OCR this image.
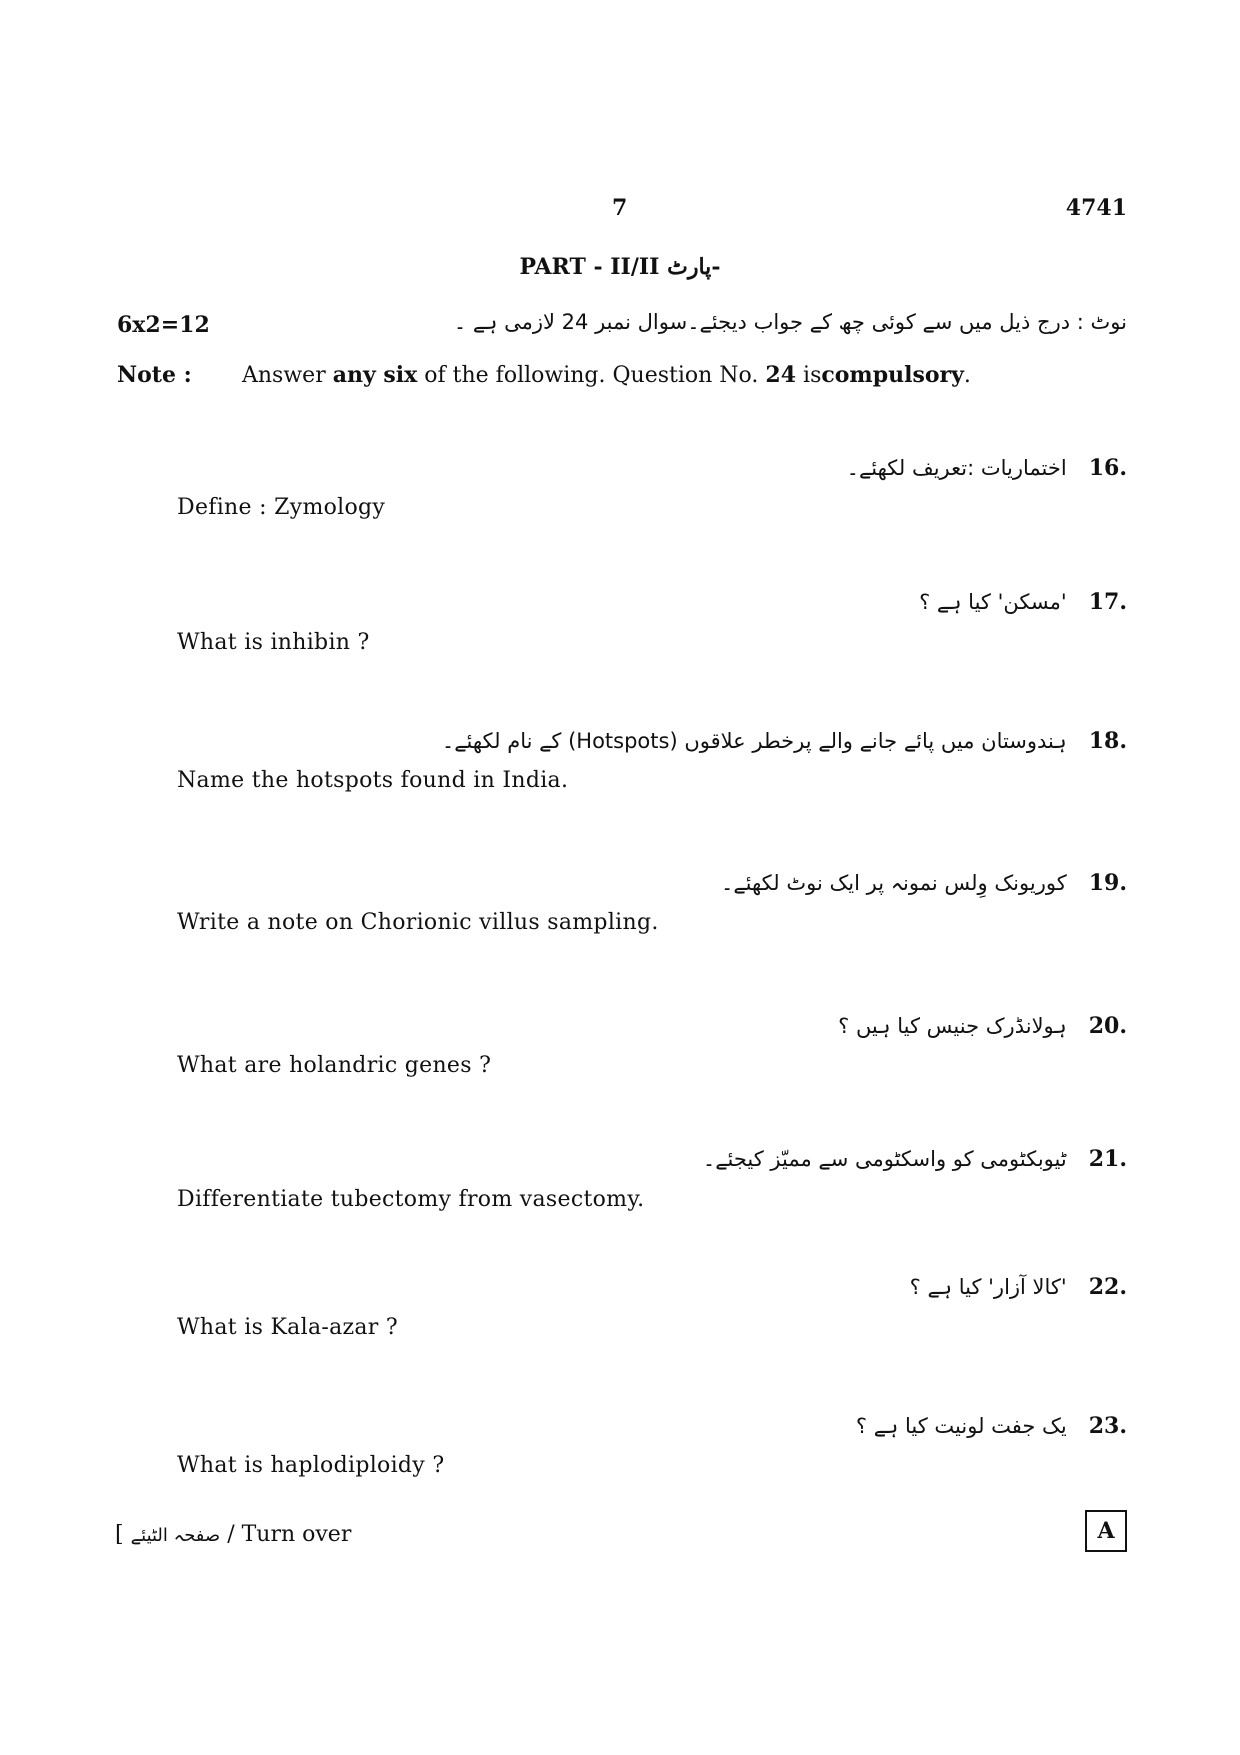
7	4741
PART - II/II پارٹ-
6x2=12	نوٹ : درج ذیل میں سے کوئی چھ کے جواب دیجئے۔سوال نمبر 24 لازمی ہے ۔
Note : Answer any six of the following. Question No. 24 iscompulsory.
.16اختماریات :تعریف لکھئے۔
Define : Zymology
.17'مسکن' کیا ہے ؟
What is inhibin ?
.18ہندوستان میں پائے جانے والے پرخطر علاقوں (Hotspots) کے نام لکھئے۔
Name the hotspots found in India.
.19کوریونک وِلس نمونہ پر ایک نوٹ لکھئے۔
Write a note on Chorionic villus sampling.
.20ہولانڈرک جنیس کیا ہیں ؟
What are holandric genes ?
.21ٹیوبکٹومی کو واسکٹومی سے ممیّز کیجئے۔
Differentiate tubectomy from vasectomy.
.22'کالا آزار' کیا ہے ؟
What is Kala-azar ?
.23یک جفت لونیت کیا ہے ؟
What is haplodiploidy ?
[ صفحہ الٹیئے / Turn over	A
